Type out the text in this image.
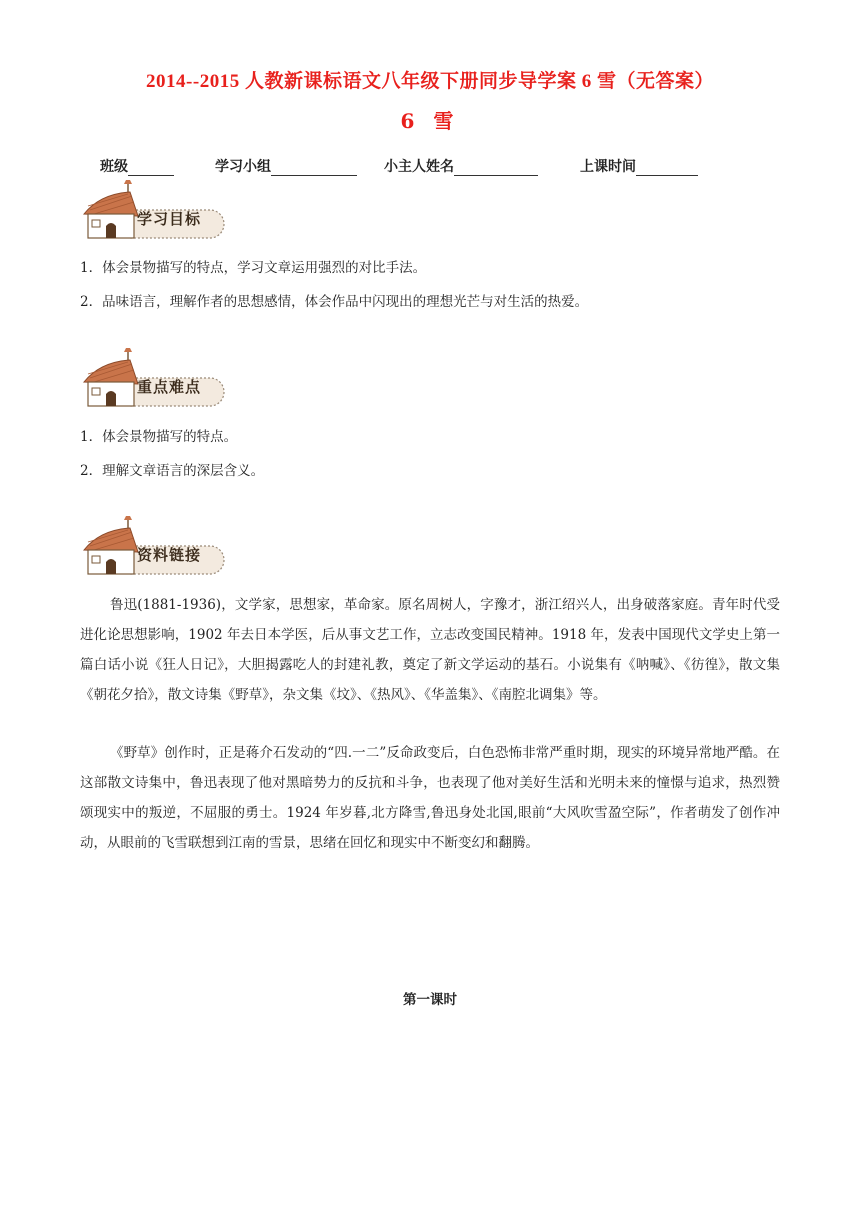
2014--2015 人教新课标语文八年级下册同步导学案 6 雪（无答案）
6 雪
班级	学习小组	小主人姓名	上课时间
学习目标
1．体会景物描写的特点，学习文章运用强烈的对比手法。
2．品味语言，理解作者的思想感情，体会作品中闪现出的理想光芒与对生活的热爱。
重点难点
1．体会景物描写的特点。
2．理解文章语言的深层含义。
资料链接
鲁迅(1881-1936)，文学家，思想家，革命家。原名周树人，字豫才，浙江绍兴人，出身破落家庭。青年时代受进化论思想影响，1902 年去日本学医，后从事文艺工作，立志改变国民精神。1918 年，发表中国现代文学史上第一篇白话小说《狂人日记》，大胆揭露吃人的封建礼教，奠定了新文学运动的基石。小说集有《呐喊》、《彷徨》，散文集《朝花夕拾》，散文诗集《野草》，杂文集《坟》、《热风》、《华盖集》、《南腔北调集》等。
《野草》创作时，正是蒋介石发动的“四.一二”反命政变后，白色恐怖非常严重时期，现实的环境异常地严酷。在这部散文诗集中，鲁迅表现了他对黑暗势力的反抗和斗争，也表现了他对美好生活和光明未来的憧憬与追求，热烈赞颂现实中的叛逆，不屈服的勇士。1924 年岁暮,北方降雪,鲁迅身处北国,眼前“大风吹雪盈空际”，作者萌发了创作冲动，从眼前的飞雪联想到江南的雪景，思绪在回忆和现实中不断变幻和翻腾。
第一课时
